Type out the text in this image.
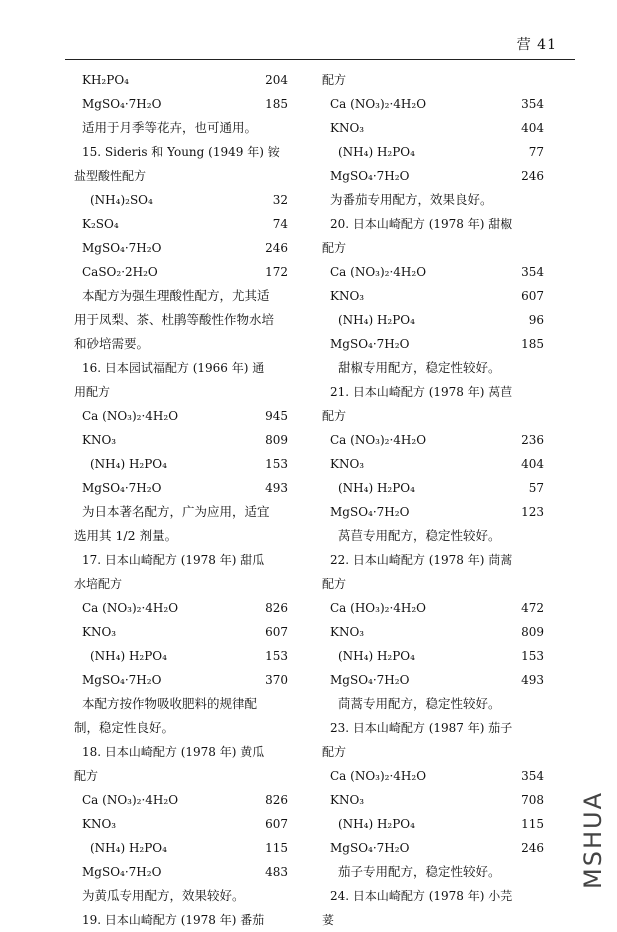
营 41
KH₂PO₄	204
MgSO₄·7H₂O	185
适用于月季等花卉，也可通用。
15. Sideris 和 Young (1949 年) 铵
盐型酸性配方
(NH₄)₂SO₄	32
K₂SO₄	74
MgSO₄·7H₂O	246
CaSO₂·2H₂O	172
本配方为强生理酸性配方，尤其适
用于凤梨、茶、杜鹃等酸性作物水培
和砂培需要。
16. 日本园试福配方 (1966 年) 通
用配方
Ca (NO₃)₂·4H₂O	945
KNO₃	809
(NH₄) H₂PO₄	153
MgSO₄·7H₂O	493
为日本著名配方，广为应用，适宜
选用其 1/2 剂量。
17. 日本山崎配方 (1978 年) 甜瓜
水培配方
Ca (NO₃)₂·4H₂O	826
KNO₃	607
(NH₄) H₂PO₄	153
MgSO₄·7H₂O	370
本配方按作物吸收肥料的规律配
制，稳定性良好。
18. 日本山崎配方 (1978 年) 黄瓜
配方
Ca (NO₃)₂·4H₂O	826
KNO₃	607
(NH₄) H₂PO₄	115
MgSO₄·7H₂O	483
为黄瓜专用配方，效果较好。
19. 日本山崎配方 (1978 年) 番茄
配方
Ca (NO₃)₂·4H₂O	354
KNO₃	404
(NH₄) H₂PO₄	77
MgSO₄·7H₂O	246
为番茄专用配方，效果良好。
20. 日本山崎配方 (1978 年) 甜椒
配方
Ca (NO₃)₂·4H₂O	354
KNO₃	607
(NH₄) H₂PO₄	96
MgSO₄·7H₂O	185
甜椒专用配方，稳定性较好。
21. 日本山崎配方 (1978 年) 莴苣
配方
Ca (NO₃)₂·4H₂O	236
KNO₃	404
(NH₄) H₂PO₄	57
MgSO₄·7H₂O	123
莴苣专用配方，稳定性较好。
22. 日本山崎配方 (1978 年) 茼蒿
配方
Ca (HO₃)₂·4H₂O	472
KNO₃	809
(NH₄) H₂PO₄	153
MgSO₄·7H₂O	493
茼蒿专用配方，稳定性较好。
23. 日本山崎配方 (1987 年) 茄子
配方
Ca (NO₃)₂·4H₂O	354
KNO₃	708
(NH₄) H₂PO₄	115
MgSO₄·7H₂O	246
茄子专用配方，稳定性较好。
24. 日本山崎配方 (1978 年) 小芫
荽
MSHUA
